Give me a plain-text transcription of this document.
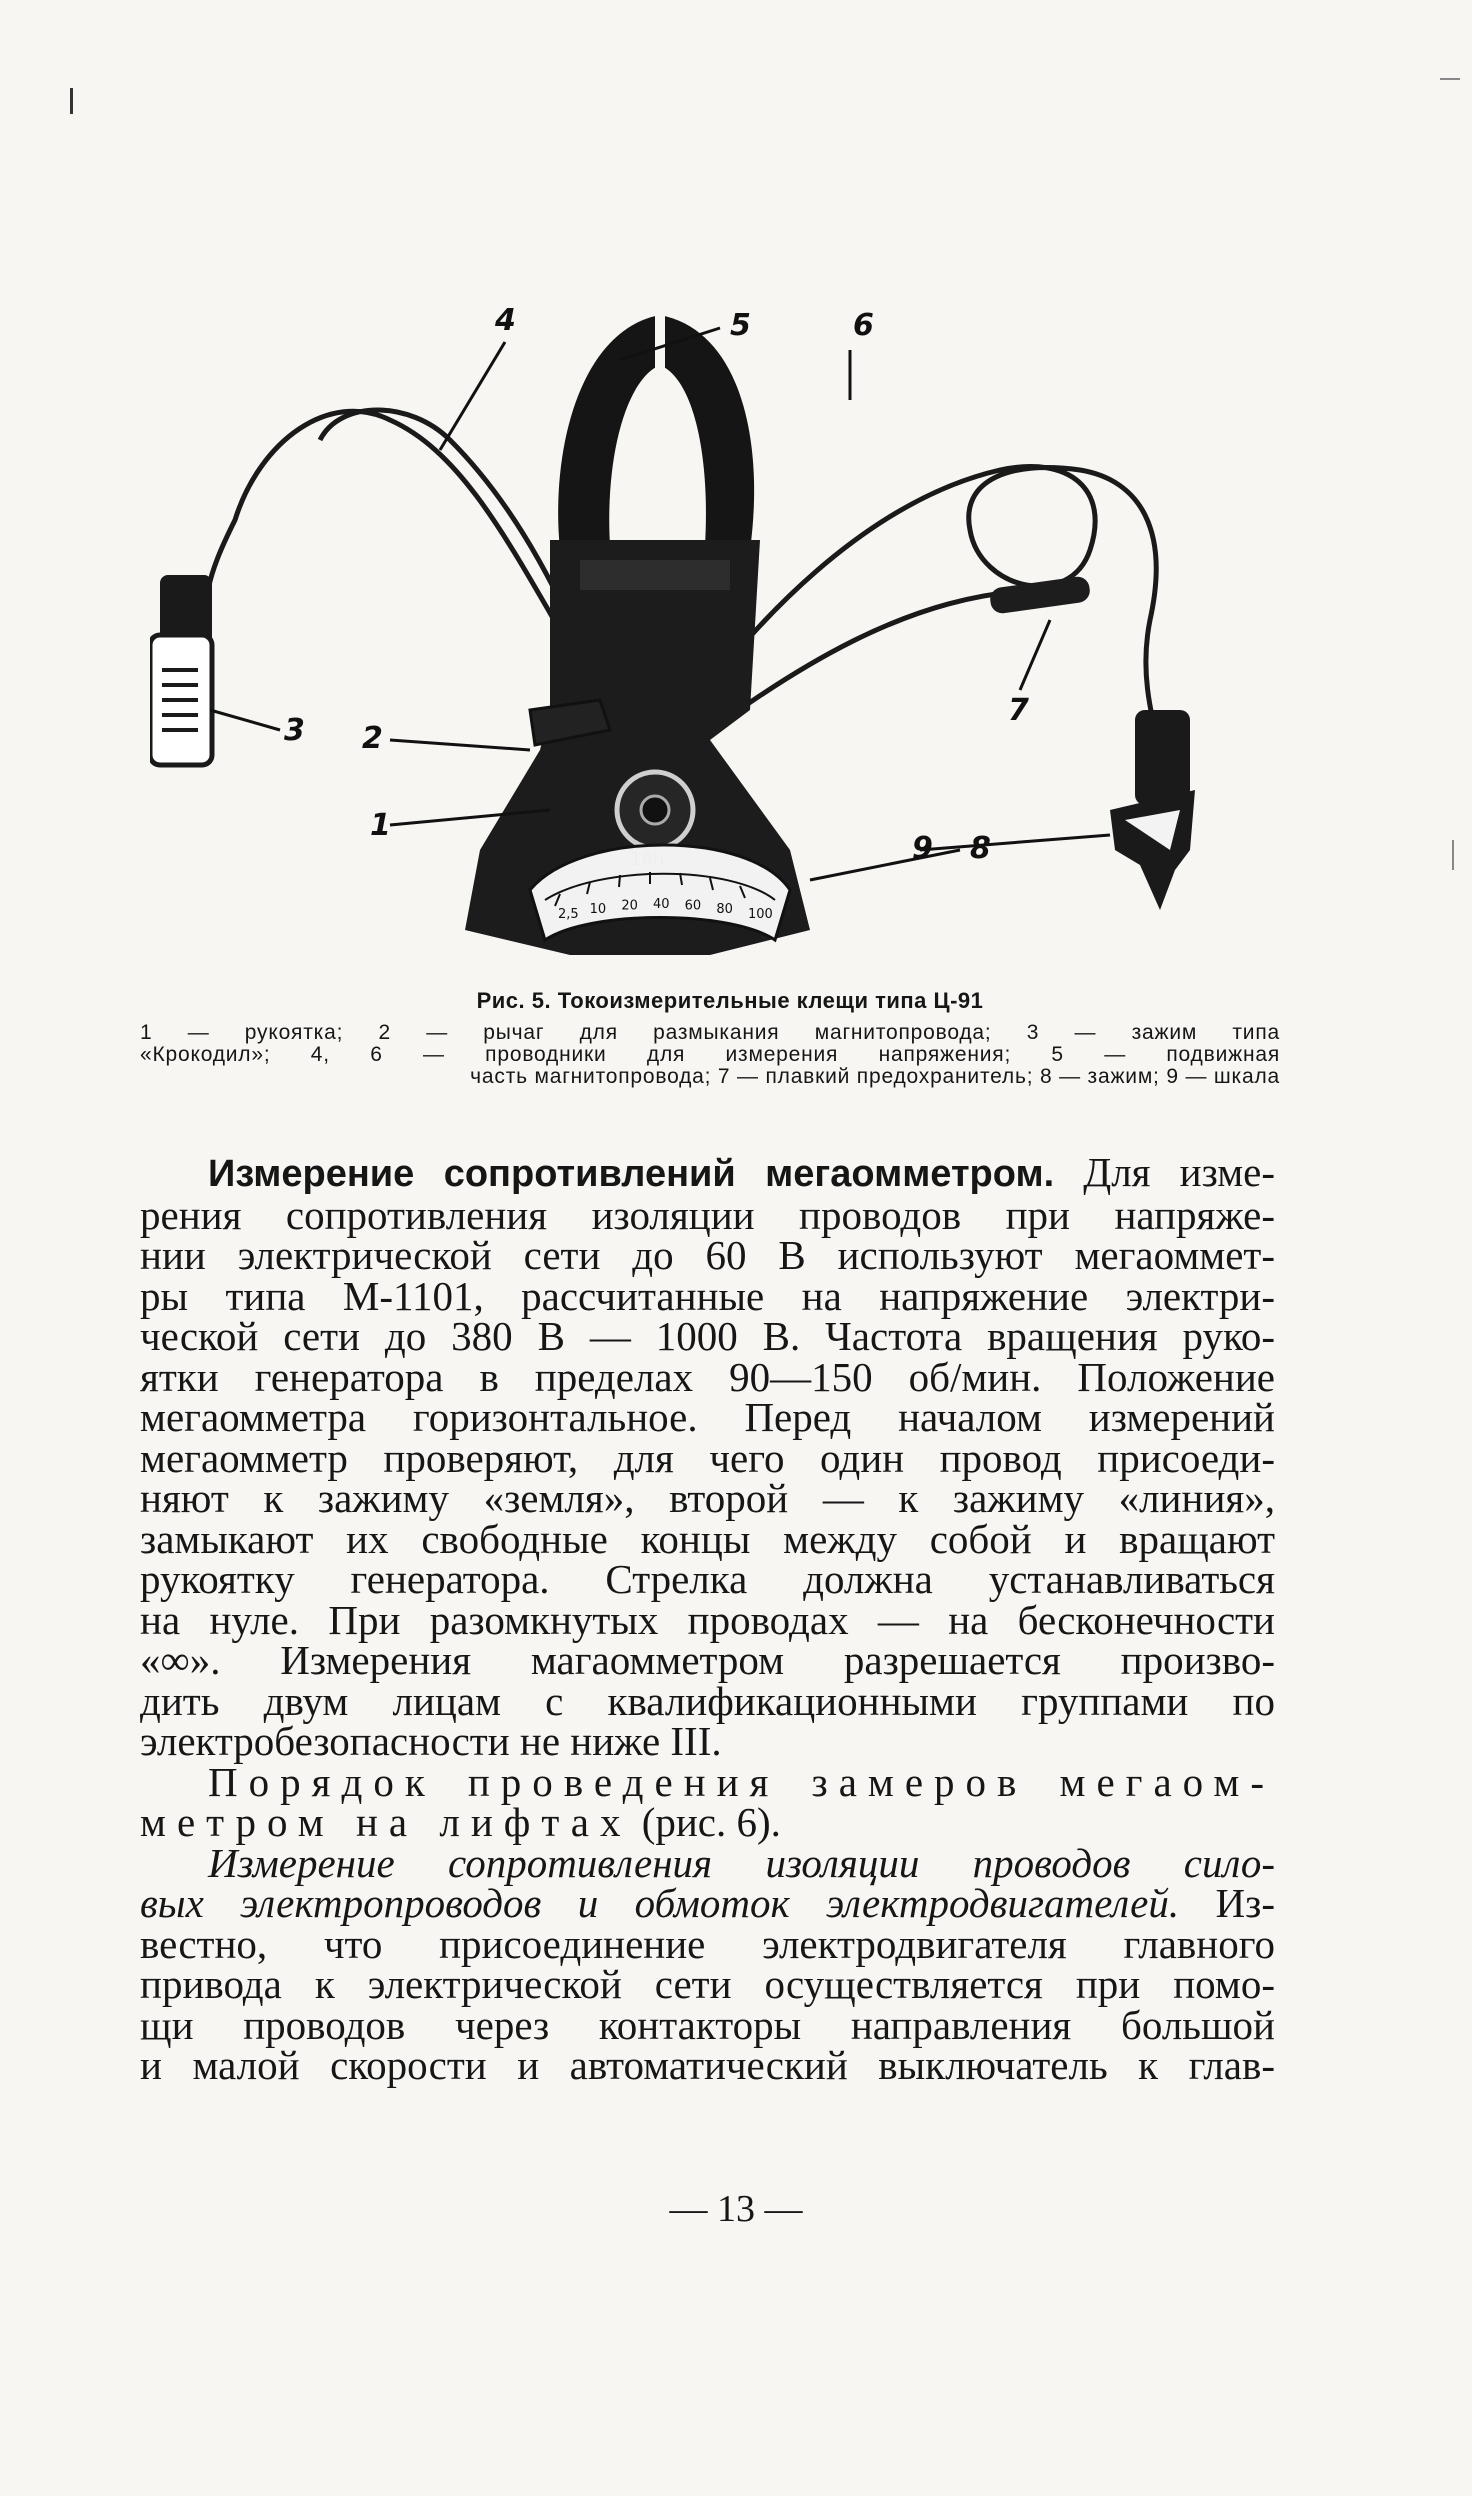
16h
4	5	6
3 2
1
7
9 8
2,5 10 20 40 60 80 100
Рис. 5. Токоизмерительные клещи типа Ц-91
1 — рукоятка; 2 — рычаг для размыкания магнитопровода; 3 — зажим типа
«Крокодил»; 4, 6 — проводники для измерения напряжения; 5 — подвижная
часть магнитопровода; 7 — плавкий предохранитель; 8 — зажим; 9 — шкала
Измерение сопротивлений мегаомметром. Для изме-
рения сопротивления изоляции проводов при напряже-
нии электрической сети до 60 В используют мегаоммет-
ры типа М-1101, рассчитанные на напряжение электри-
ческой сети до 380 В — 1000 В. Частота вращения руко-
ятки генератора в пределах 90—150 об/мин. Положение
мегаомметра горизонтальное. Перед началом измерений
мегаомметр проверяют, для чего один провод присоеди-
няют к зажиму «земля», второй — к зажиму «линия»,
замыкают их свободные концы между собой и вращают
рукоятку генератора. Стрелка должна устанавливаться
на нуле. При разомкнутых проводах — на бесконечности
«∞». Измерения магаомметром разрешается произво-
дить двум лицам с квалификационными группами по
электробезопасности не ниже III.
Порядок проведения замеров мегаом-
метром на лифтах (рис. 6).
Измерение сопротивления изоляции проводов сило-
вых электропроводов и обмоток электродвигателей. Из-
вестно, что присоединение электродвигателя главного
привода к электрической сети осуществляется при помо-
щи проводов через контакторы направления большой
и малой скорости и автоматический выключатель к глав-
— 13 —
